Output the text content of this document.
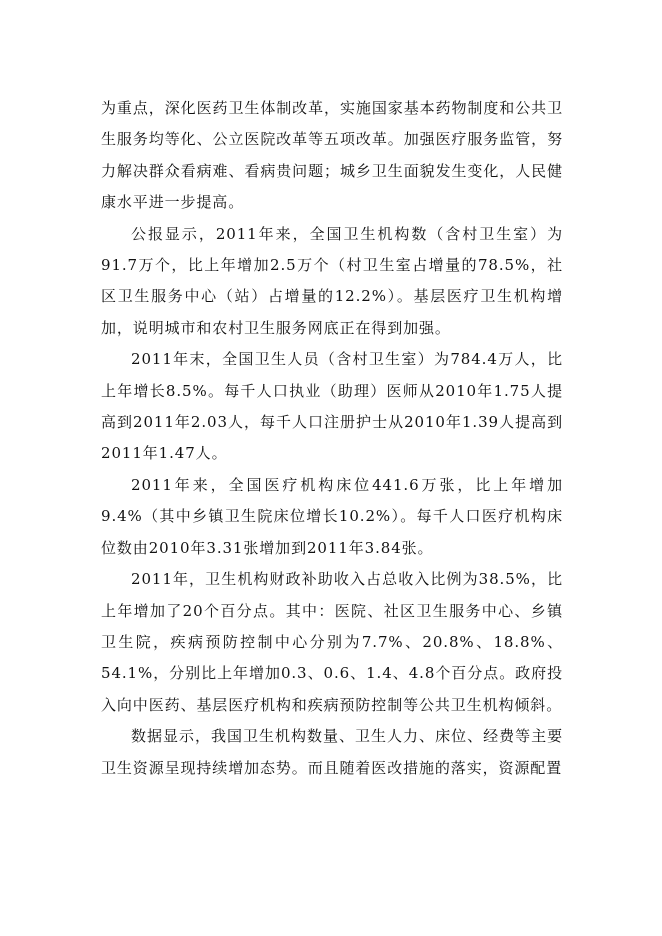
为重点，深化医药卫生体制改革，实施国家基本药物制度和公共卫生服务均等化、公立医院改革等五项改革。加强医疗服务监管，努力解决群众看病难、看病贵问题；城乡卫生面貌发生变化，人民健康水平进一步提高。

公报显示，2011年来，全国卫生机构数（含村卫生室）为91.7万个，比上年增加2.5万个（村卫生室占增量的78.5%，社区卫生服务中心（站）占增量的12.2%）。基层医疗卫生机构增加，说明城市和农村卫生服务网底正在得到加强。

2011年末，全国卫生人员（含村卫生室）为784.4万人，比上年增长8.5%。每千人口执业（助理）医师从2010年1.75人提高到2011年2.03人，每千人口注册护士从2010年1.39人提高到2011年1.47人。

2011年来，全国医疗机构床位441.6万张，比上年增加9.4%（其中乡镇卫生院床位增长10.2%）。每千人口医疗机构床位数由2010年3.31张增加到2011年3.84张。

2011年，卫生机构财政补助收入占总收入比例为38.5%，比上年增加了20个百分点。其中：医院、社区卫生服务中心、乡镇卫生院，疾病预防控制中心分别为7.7%、20.8%、18.8%、54.1%，分别比上年增加0.3、0.6、1.4、4.8个百分点。政府投入向中医药、基层医疗机构和疾病预防控制等公共卫生机构倾斜。

数据显示，我国卫生机构数量、卫生人力、床位、经费等主要卫生资源呈现持续增加态势。而且随着医改措施的落实，资源配置
